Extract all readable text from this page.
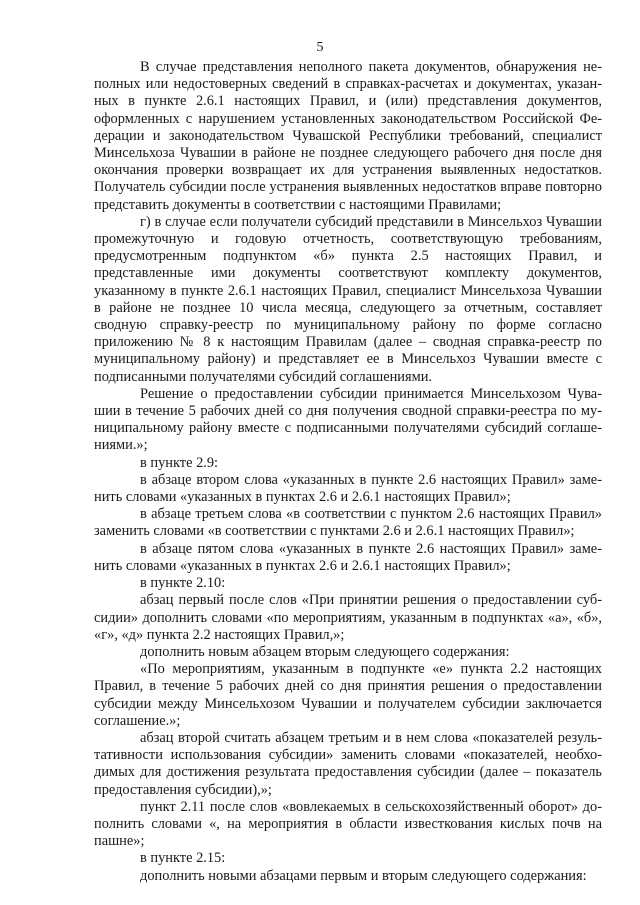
5

В случае представления неполного пакета документов, обнаружения неполных или недостоверных сведений в справках-расчетах и документах, указанных в пункте 2.6.1 настоящих Правил, и (или) представления документов, оформленных с нарушением установленных законодательством Российской Федерации и законодательством Чувашской Республики требований, специалист Минсельхоза Чувашии в районе не позднее следующего рабочего дня после дня окончания проверки возвращает их для устранения выявленных недостатков. Получатель субсидии после устранения выявленных недостатков вправе повторно представить документы в соответствии с настоящими Правилами;

г) в случае если получатели субсидий представили в Минсельхоз Чувашии промежуточную и годовую отчетность, соответствующую требованиям, предусмотренным подпунктом «б» пункта 2.5 настоящих Правил, и представленные ими документы соответствуют комплекту документов, указанному в пункте 2.6.1 настоящих Правил, специалист Минсельхоза Чувашии в районе не позднее 10 числа месяца, следующего за отчетным, составляет сводную справку-реестр по муниципальному району по форме согласно приложению № 8 к настоящим Правилам (далее – сводная справка-реестр по муниципальному району) и представляет ее в Минсельхоз Чувашии вместе с подписанными получателями субсидий соглашениями.

Решение о предоставлении субсидии принимается Минсельхозом Чувашии в течение 5 рабочих дней со дня получения сводной справки-реестра по муниципальному району вместе с подписанными получателями субсидий соглашениями.»;

в пункте 2.9:

в абзаце втором слова «указанных в пункте 2.6 настоящих Правил» заменить словами «указанных в пунктах 2.6 и 2.6.1 настоящих Правил»;

в абзаце третьем слова «в соответствии с пунктом 2.6 настоящих Правил» заменить словами «в соответствии с пунктами 2.6 и 2.6.1 настоящих Правил»;

в абзаце пятом слова «указанных в пункте 2.6 настоящих Правил» заменить словами «указанных в пунктах 2.6 и 2.6.1 настоящих Правил»;

в пункте 2.10:

абзац первый после слов «При принятии решения о предоставлении субсидии» дополнить словами «по мероприятиям, указанным в подпунктах «а», «б», «г», «д» пункта 2.2 настоящих Правил,»;

дополнить новым абзацем вторым следующего содержания:

«По мероприятиям, указанным в подпункте «е» пункта 2.2 настоящих Правил, в течение 5 рабочих дней со дня принятия решения о предоставлении субсидии между Минсельхозом Чувашии и получателем субсидии заключается соглашение.»;

абзац второй считать абзацем третьим и в нем слова «показателей результативности использования субсидии» заменить словами «показателей, необходимых для достижения результата предоставления субсидии (далее – показатель предоставления субсидии),»;

пункт 2.11 после слов «вовлекаемых в сельскохозяйственный оборот» дополнить словами «, на мероприятия в области известкования кислых почв на пашне»;

в пункте 2.15:

дополнить новыми абзацами первым и вторым следующего содержания:
